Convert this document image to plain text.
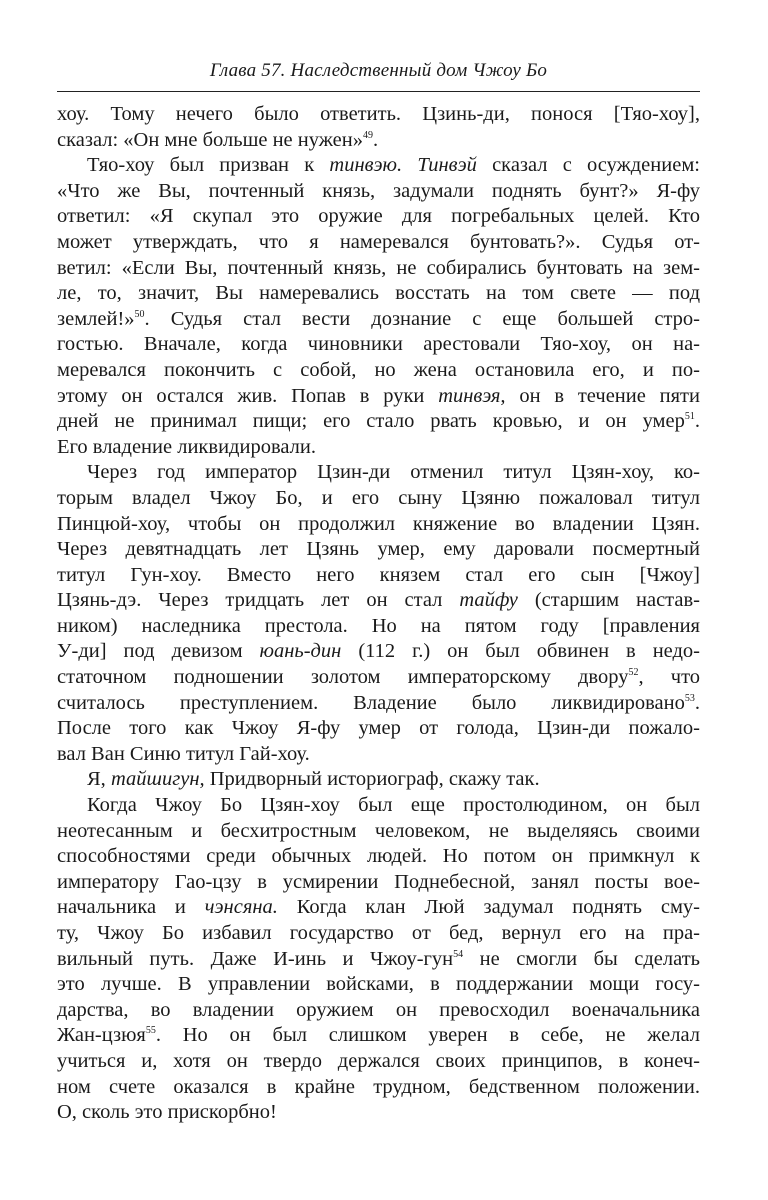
Глава 57. Наследственный дом Чжоу Бо
хоу. Тому нечего было ответить. Цзинь-ди, понося [Тяо-хоу],
сказал: «Он мне больше не нужен»$^{49}$.
Тяо-хоу был призван к тинвэю. Тинвэй сказал с осуждением:
«Что же Вы, почтенный князь, задумали поднять бунт?» Я-фу
ответил: «Я скупал это оружие для погребальных целей. Кто
может утверждать, что я намеревался бунтовать?». Судья от-
ветил: «Если Вы, почтенный князь, не собирались бунтовать на зем-
ле, то, значит, Вы намеревались восстать на том свете — под
землей!»$^{50}$. Судья стал вести дознание с еще большей стро-
гостью. Вначале, когда чиновники арестовали Тяо-хоу, он на-
меревался покончить с собой, но жена остановила его, и по-
этому он остался жив. Попав в руки тинвэя, он в течение пяти
дней не принимал пищи; его стало рвать кровью, и он умер$^{51}$.
Его владение ликвидировали.
Через год император Цзин-ди отменил титул Цзян-хоу, ко-
торым владел Чжоу Бо, и его сыну Цзяню пожаловал титул
Пинцюй-хоу, чтобы он продолжил княжение во владении Цзян.
Через девятнадцать лет Цзянь умер, ему даровали посмертный
титул Гун-хоу. Вместо него князем стал его сын [Чжоу]
Цзянь-дэ. Через тридцать лет он стал тайфу (старшим настав-
ником) наследника престола. Но на пятом году [правления
У-ди] под девизом юань-дин (112 г.) он был обвинен в недо-
статочном подношении золотом императорскому двору$^{52}$, что
считалось преступлением. Владение было ликвидировано$^{53}$.
После того как Чжоу Я-фу умер от голода, Цзин-ди пожало-
вал Ван Синю титул Гай-хоу.
Я, тайшигун, Придворный историограф, скажу так.
Когда Чжоу Бо Цзян-хоу был еще простолюдином, он был
неотесанным и бесхитростным человеком, не выделяясь своими
способностями среди обычных людей. Но потом он примкнул к
императору Гао-цзу в усмирении Поднебесной, занял посты вое-
начальника и чэнсяна. Когда клан Люй задумал поднять сму-
ту, Чжоу Бо избавил государство от бед, вернул его на пра-
вильный путь. Даже И-инь и Чжоу-гун$^{54}$ не смогли бы сделать
это лучше. В управлении войсками, в поддержании мощи госу-
дарства, во владении оружием он превосходил военачальника
Жан-цзюя$^{55}$. Но он был слишком уверен в себе, не желал
учиться и, хотя он твердо держался своих принципов, в конеч-
ном счете оказался в крайне трудном, бедственном положении.
О, сколь это прискорбно!
